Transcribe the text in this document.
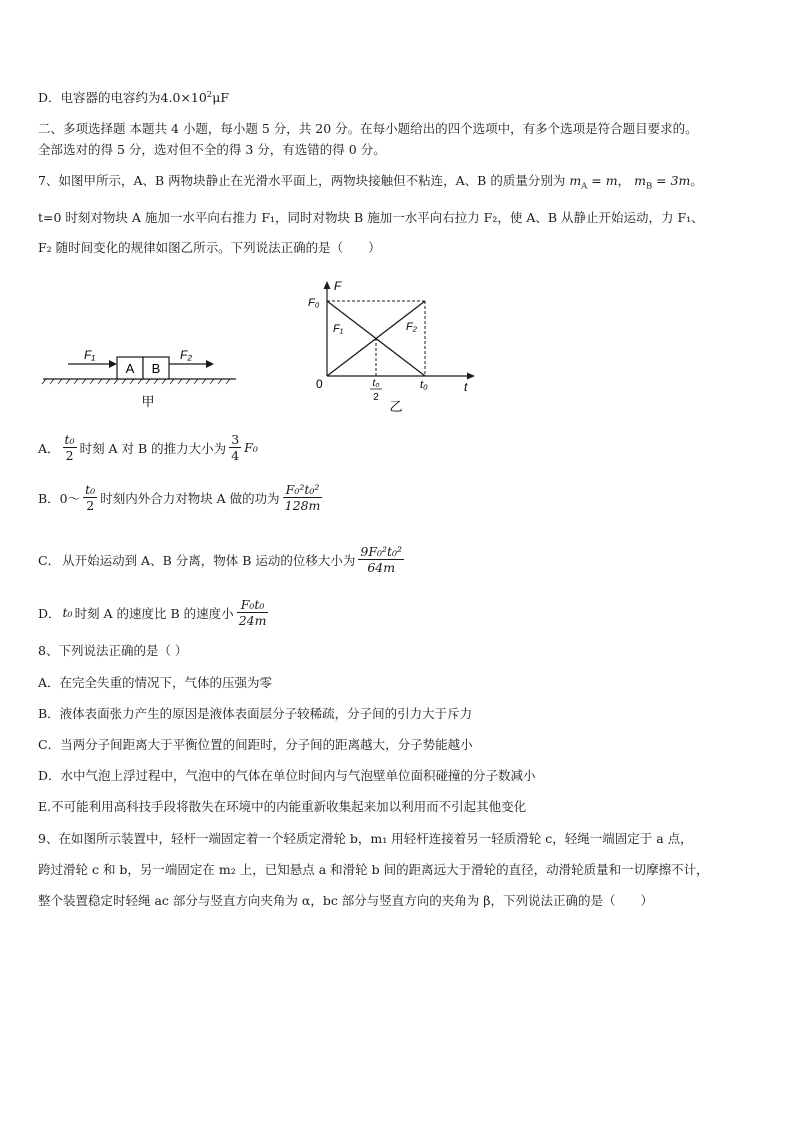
D．电容器的电容约为$4.0\times 10^2\mu F$
二、多项选择题 本题共 4 小题，每小题 5 分，共 20 分。在每小题给出的四个选项中，有多个选项是符合题目要求的。
全部选对的得 5 分，选对但不全的得 3 分，有选错的得 0 分。
7、如图甲所示，A、B 两物块静止在光滑水平面上，两物块接触但不粘连，A、B 的质量分别为 $m_A = m$， $m_B = 3m$。
t=0 时刻对物块 A 施加一水平向右推力 F₁，同时对物块 B 施加一水平向右拉力 F₂，使 A、B 从静止开始运动，力 F₁、
F₂ 随时间变化的规律如图乙所示。下列说法正确的是（　　）
A B
F₁	F₂
甲
F
t
0
F₀
F₁	F₂
t₀
t₀
2
乙
A． $\frac{\text{t₀}}{2}$ 时刻 A 对 B 的推力大小为 $\frac{3}{4} F_0$
B．0～ $\frac{\text{t₀}}{2}$ 时刻内外合力对物块 A 做的功为 $\frac{\text{F₀²t₀²}}{128m}$
C． 从开始运动到 A、B 分离，物体 B 运动的位移大小为 $\frac{\text{9F₀²t₀²}}{64m}$
D． t₀ 时刻 A 的速度比 B 的速度小 $\frac{\text{F₀t₀}}{24m}$
8、下列说法正确的是（ ）
A．在完全失重的情况下，气体的压强为零
B．液体表面张力产生的原因是液体表面层分子较稀疏，分子间的引力大于斥力
C．当两分子间距离大于平衡位置的间距时，分子间的距离越大，分子势能越小
D．水中气泡上浮过程中，气泡中的气体在单位时间内与气泡壁单位面积碰撞的分子数减小
E.不可能利用高科技手段将散失在环境中的内能重新收集起来加以利用而不引起其他变化
9、在如图所示装置中，轻杆一端固定着一个轻质定滑轮 b，m₁ 用轻杆连接着另一轻质滑轮 c，轻绳一端固定于 a 点，
跨过滑轮 c 和 b，另一端固定在 m₂ 上，已知悬点 a 和滑轮 b 间的距离远大于滑轮的直径，动滑轮质量和一切摩擦不计，
整个装置稳定时轻绳 ac 部分与竖直方向夹角为 α，bc 部分与竖直方向的夹角为 β，下列说法正确的是（　　）
